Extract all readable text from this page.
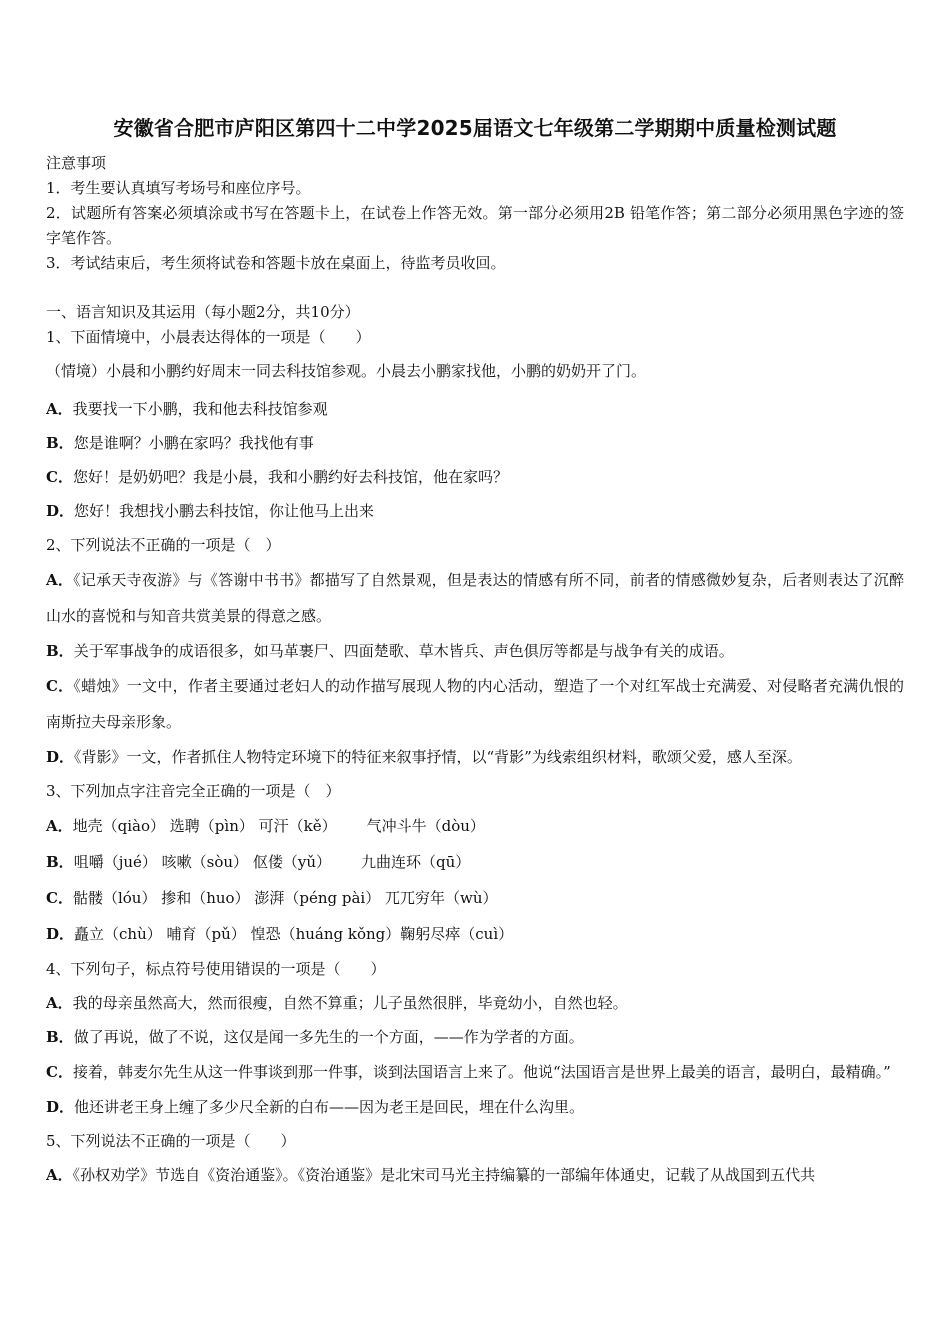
安徽省合肥市庐阳区第四十二中学2025届语文七年级第二学期期中质量检测试题

注意事项

1．考生要认真填写考场号和座位序号。

2．试题所有答案必须填涂或书写在答题卡上，在试卷上作答无效。第一部分必须用2B 铅笔作答；第二部分必须用黑色字迹的签字笔作答。

3．考试结束后，考生须将试卷和答题卡放在桌面上，待监考员收回。

一、语言知识及其运用（每小题2分，共10分）

1、下面情境中，小晨表达得体的一项是（　　）

（情境）小晨和小鹏约好周末一同去科技馆参观。小晨去小鹏家找他，小鹏的奶奶开了门。

A．我要找一下小鹏，我和他去科技馆参观

B．您是谁啊？小鹏在家吗？我找他有事

C．您好！是奶奶吧？我是小晨，我和小鹏约好去科技馆，他在家吗？

D．您好！我想找小鹏去科技馆，你让他马上出来

2、下列说法不正确的一项是（　）

A．《记承天寺夜游》与《答谢中书书》都描写了自然景观，但是表达的情感有所不同，前者的情感微妙复杂，后者则表达了沉醉山水的喜悦和与知音共赏美景的得意之感。

B．关于军事战争的成语很多，如马革裹尸、四面楚歌、草木皆兵、声色俱厉等都是与战争有关的成语。

C．《蜡烛》一文中，作者主要通过老妇人的动作描写展现人物的内心活动，塑造了一个对红军战士充满爱、对侵略者充满仇恨的南斯拉夫母亲形象。

D．《背影》一文，作者抓住人物特定环境下的特征来叙事抒情，以“背影”为线索组织材料，歌颂父爱，感人至深。

3、下列加点字注音完全正确的一项是（　）

A．地壳（qiào） 选聘（pìn） 可汗（kě） 气冲斗牛（dòu）

B．咀嚼（jué） 咳嗽（sòu） 伛偻（yǔ） 九曲连环（qū）

C．骷髅（lóu） 掺和（huo） 澎湃（péng pài） 兀兀穷年（wù）

D．矗立（chù） 哺育（pǔ） 惶恐（huáng kǒng）鞠躬尽瘁（cuì）

4、下列句子，标点符号使用错误的一项是（　　）

A．我的母亲虽然高大，然而很瘦，自然不算重；儿子虽然很胖，毕竟幼小，自然也轻。

B．做了再说，做了不说，这仅是闻一多先生的一个方面，——作为学者的方面。

C．接着，韩麦尔先生从这一件事谈到那一件事，谈到法国语言上来了。他说“法国语言是世界上最美的语言，最明白，最精确。”

D．他还讲老王身上缠了多少尺全新的白布——因为老王是回民，埋在什么沟里。

5、下列说法不正确的一项是（　　）

A．《孙权劝学》节选自《资治通鉴》。《资治通鉴》是北宋司马光主持编纂的一部编年体通史，记载了从战国到五代共
